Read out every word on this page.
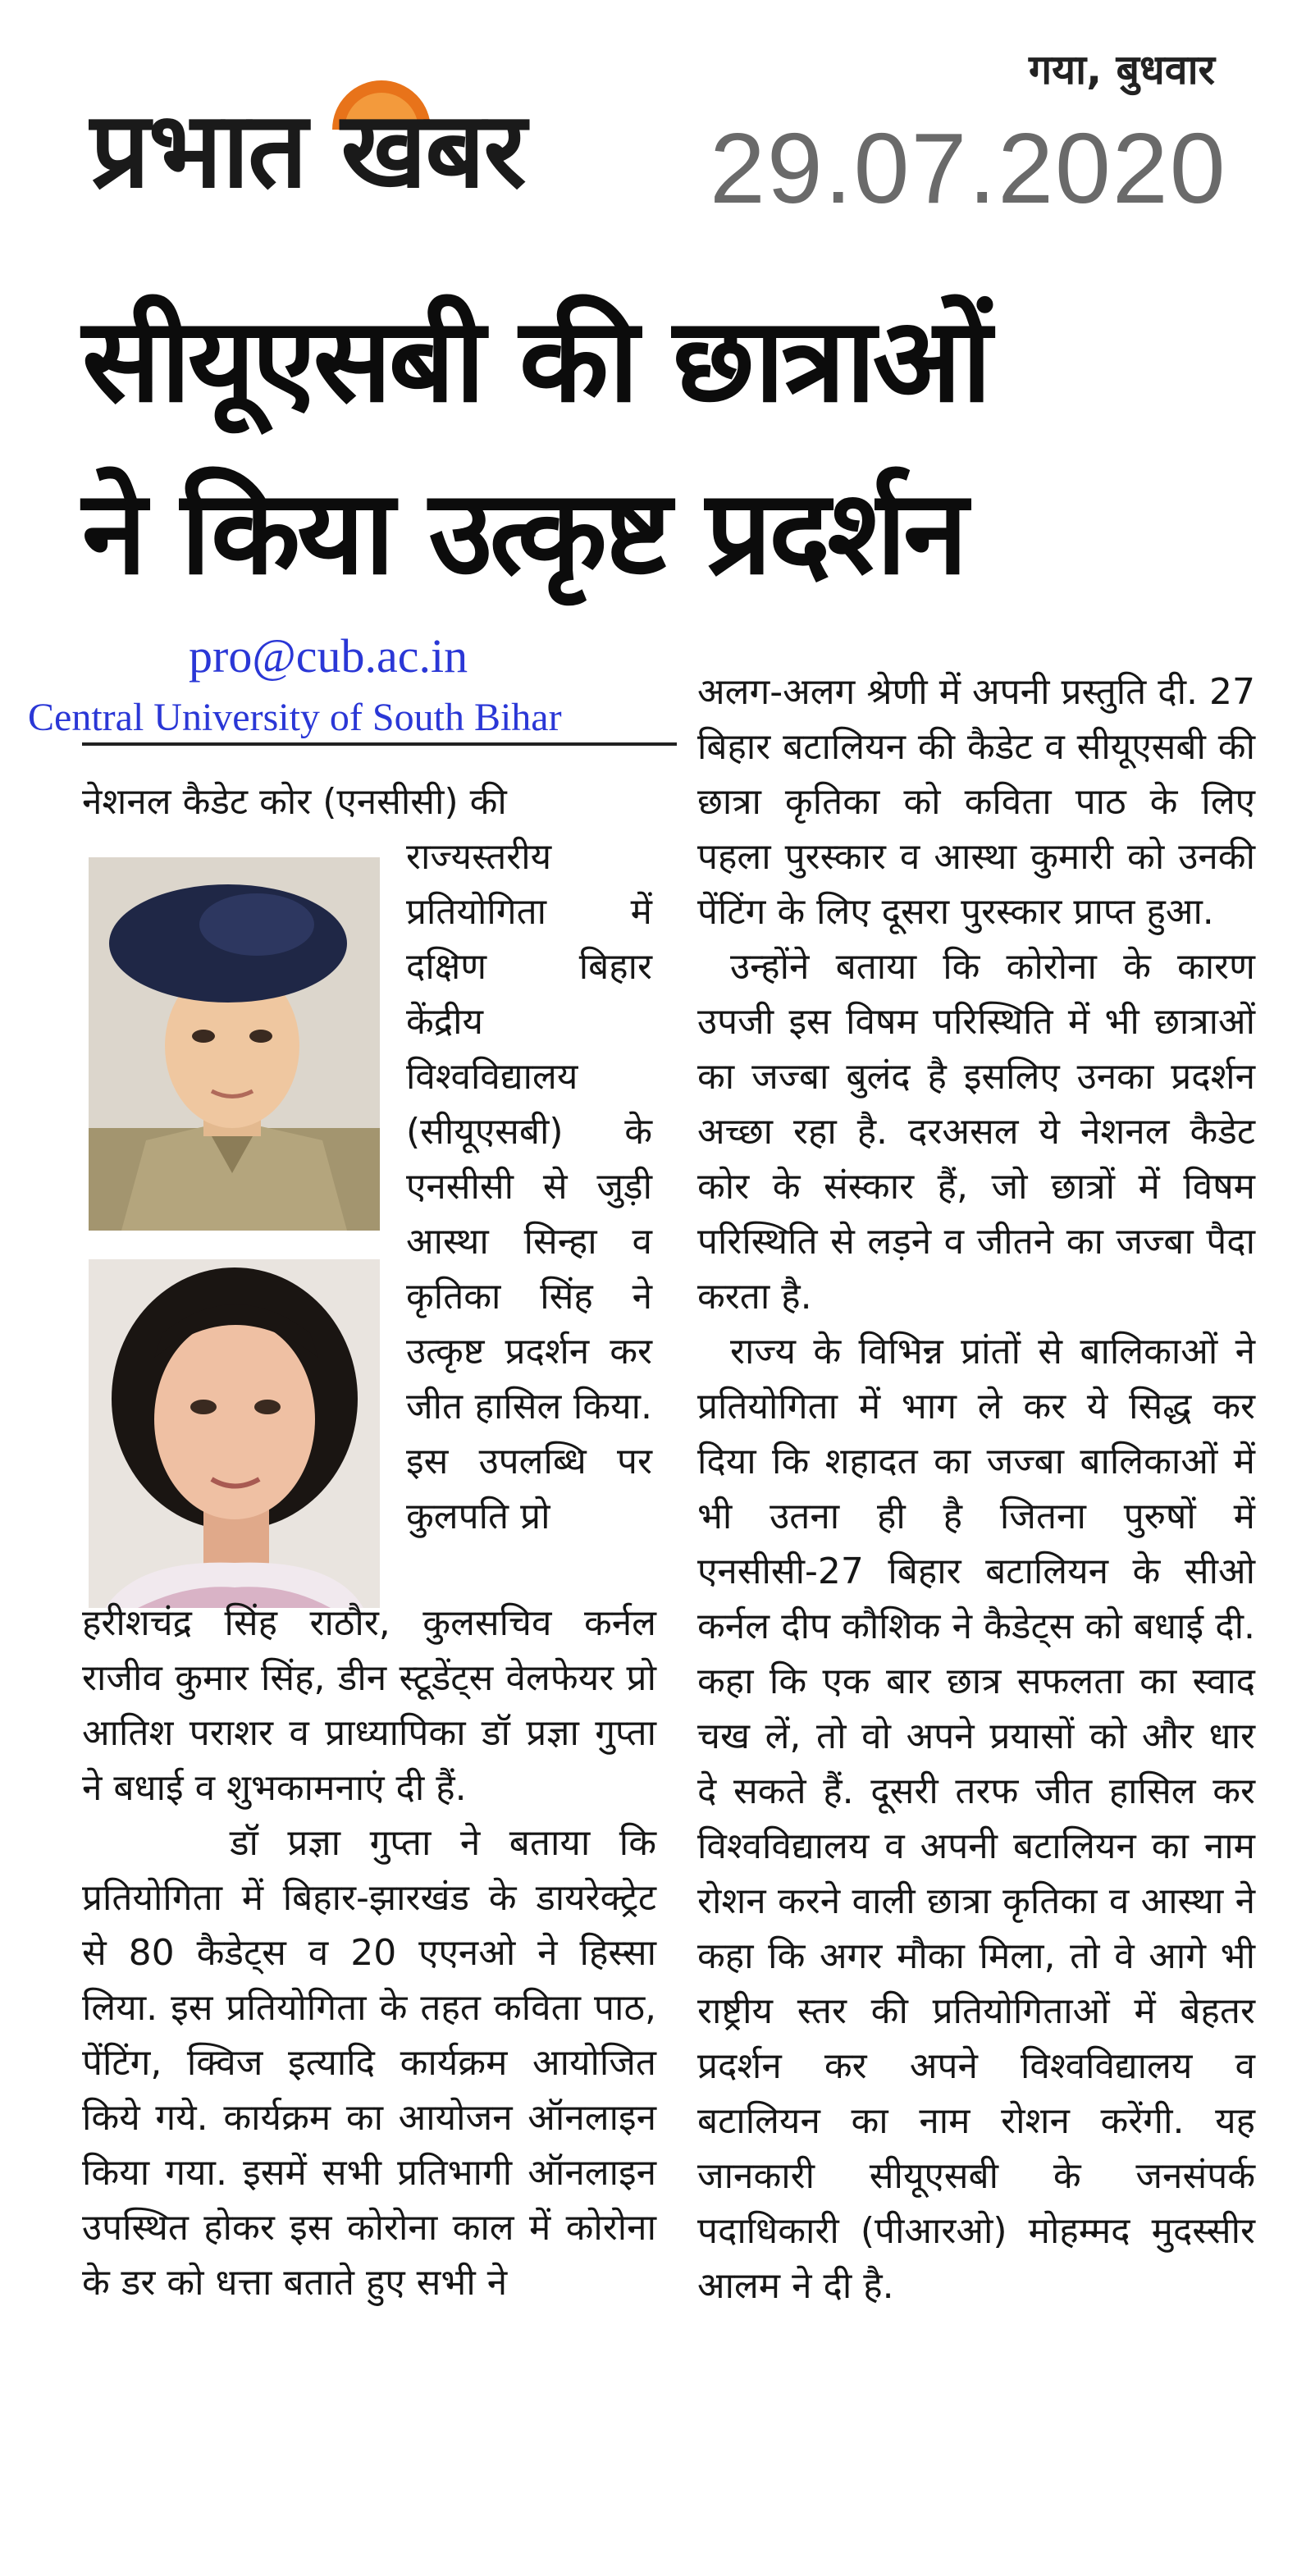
प्रभात खबर
गया, बुधवार
29.07.2020
सीयूएसबी की छात्राओं
ने किया उत्कृष्ट प्रदर्शन
pro@cub.ac.in
Central University of South Bihar
नेशनल कैडेट कोर (एनसीसी) की

राज्यस्तरीय प्रतियोगिता में दक्षिण बिहार केंद्रीय विश्वविद्यालय (सीयूएसबी) के एनसीसी से जुड़ी आस्था सिन्हा व कृतिका सिंह ने उत्कृष्ट प्रदर्शन कर जीत हासिल किया. इस उपलब्धि पर कुलपति प्रो

हरीशचंद्र सिंह राठौर, कुलसचिव कर्नल राजीव कुमार सिंह, डीन स्टूडेंट्स वेलफेयर प्रो आतिश पराशर व प्राध्यापिका डॉ प्रज्ञा गुप्ता ने बधाई व शुभकामनाएं दी हैं.

डॉ प्रज्ञा गुप्ता ने बताया कि प्रतियोगिता में बिहार-झारखंड के डायरेक्ट्रेट से 80 कैडेट्स व 20 एएनओ ने हिस्सा लिया. इस प्रतियोगिता के तहत कविता पाठ, पेंटिंग, क्विज इत्यादि कार्यक्रम आयोजित किये गये. कार्यक्रम का आयोजन ऑनलाइन किया गया. इसमें सभी प्रतिभागी ऑनलाइन उपस्थित होकर इस कोरोना काल में कोरोना के डर को धत्ता बताते हुए सभी ने

अलग-अलग श्रेणी में अपनी प्रस्तुति दी. 27 बिहार बटालियन की कैडेट व सीयूएसबी की छात्रा कृतिका को कविता पाठ के लिए पहला पुरस्कार व आस्था कुमारी को उनकी पेंटिंग के लिए दूसरा पुरस्कार प्राप्त हुआ.

उन्होंने बताया कि कोरोना के कारण उपजी इस विषम परिस्थिति में भी छात्राओं का जज्बा बुलंद है इसलिए उनका प्रदर्शन अच्छा रहा है. दरअसल ये नेशनल कैडेट कोर के संस्कार हैं, जो छात्रों में विषम परिस्थिति से लड़ने व जीतने का जज्बा पैदा करता है.

राज्य के विभिन्न प्रांतों से बालिकाओं ने प्रतियोगिता में भाग ले कर ये सिद्ध कर दिया कि शहादत का जज्बा बालिकाओं में भी उतना ही है जितना पुरुषों में एनसीसी-27 बिहार बटालियन के सीओ कर्नल दीप कौशिक ने कैडेट्स को बधाई दी. कहा कि एक बार छात्र सफलता का स्वाद चख लें, तो वो अपने प्रयासों को और धार दे सकते हैं. दूसरी तरफ जीत हासिल कर विश्वविद्यालय व अपनी बटालियन का नाम रोशन करने वाली छात्रा कृतिका व आस्था ने कहा कि अगर मौका मिला, तो वे आगे भी राष्ट्रीय स्तर की प्रतियोगिताओं में बेहतर प्रदर्शन कर अपने विश्वविद्यालय व बटालियन का नाम रोशन करेंगी. यह जानकारी सीयूएसबी के जनसंपर्क पदाधिकारी (पीआरओ) मोहम्मद मुदस्सीर आलम ने दी है.
